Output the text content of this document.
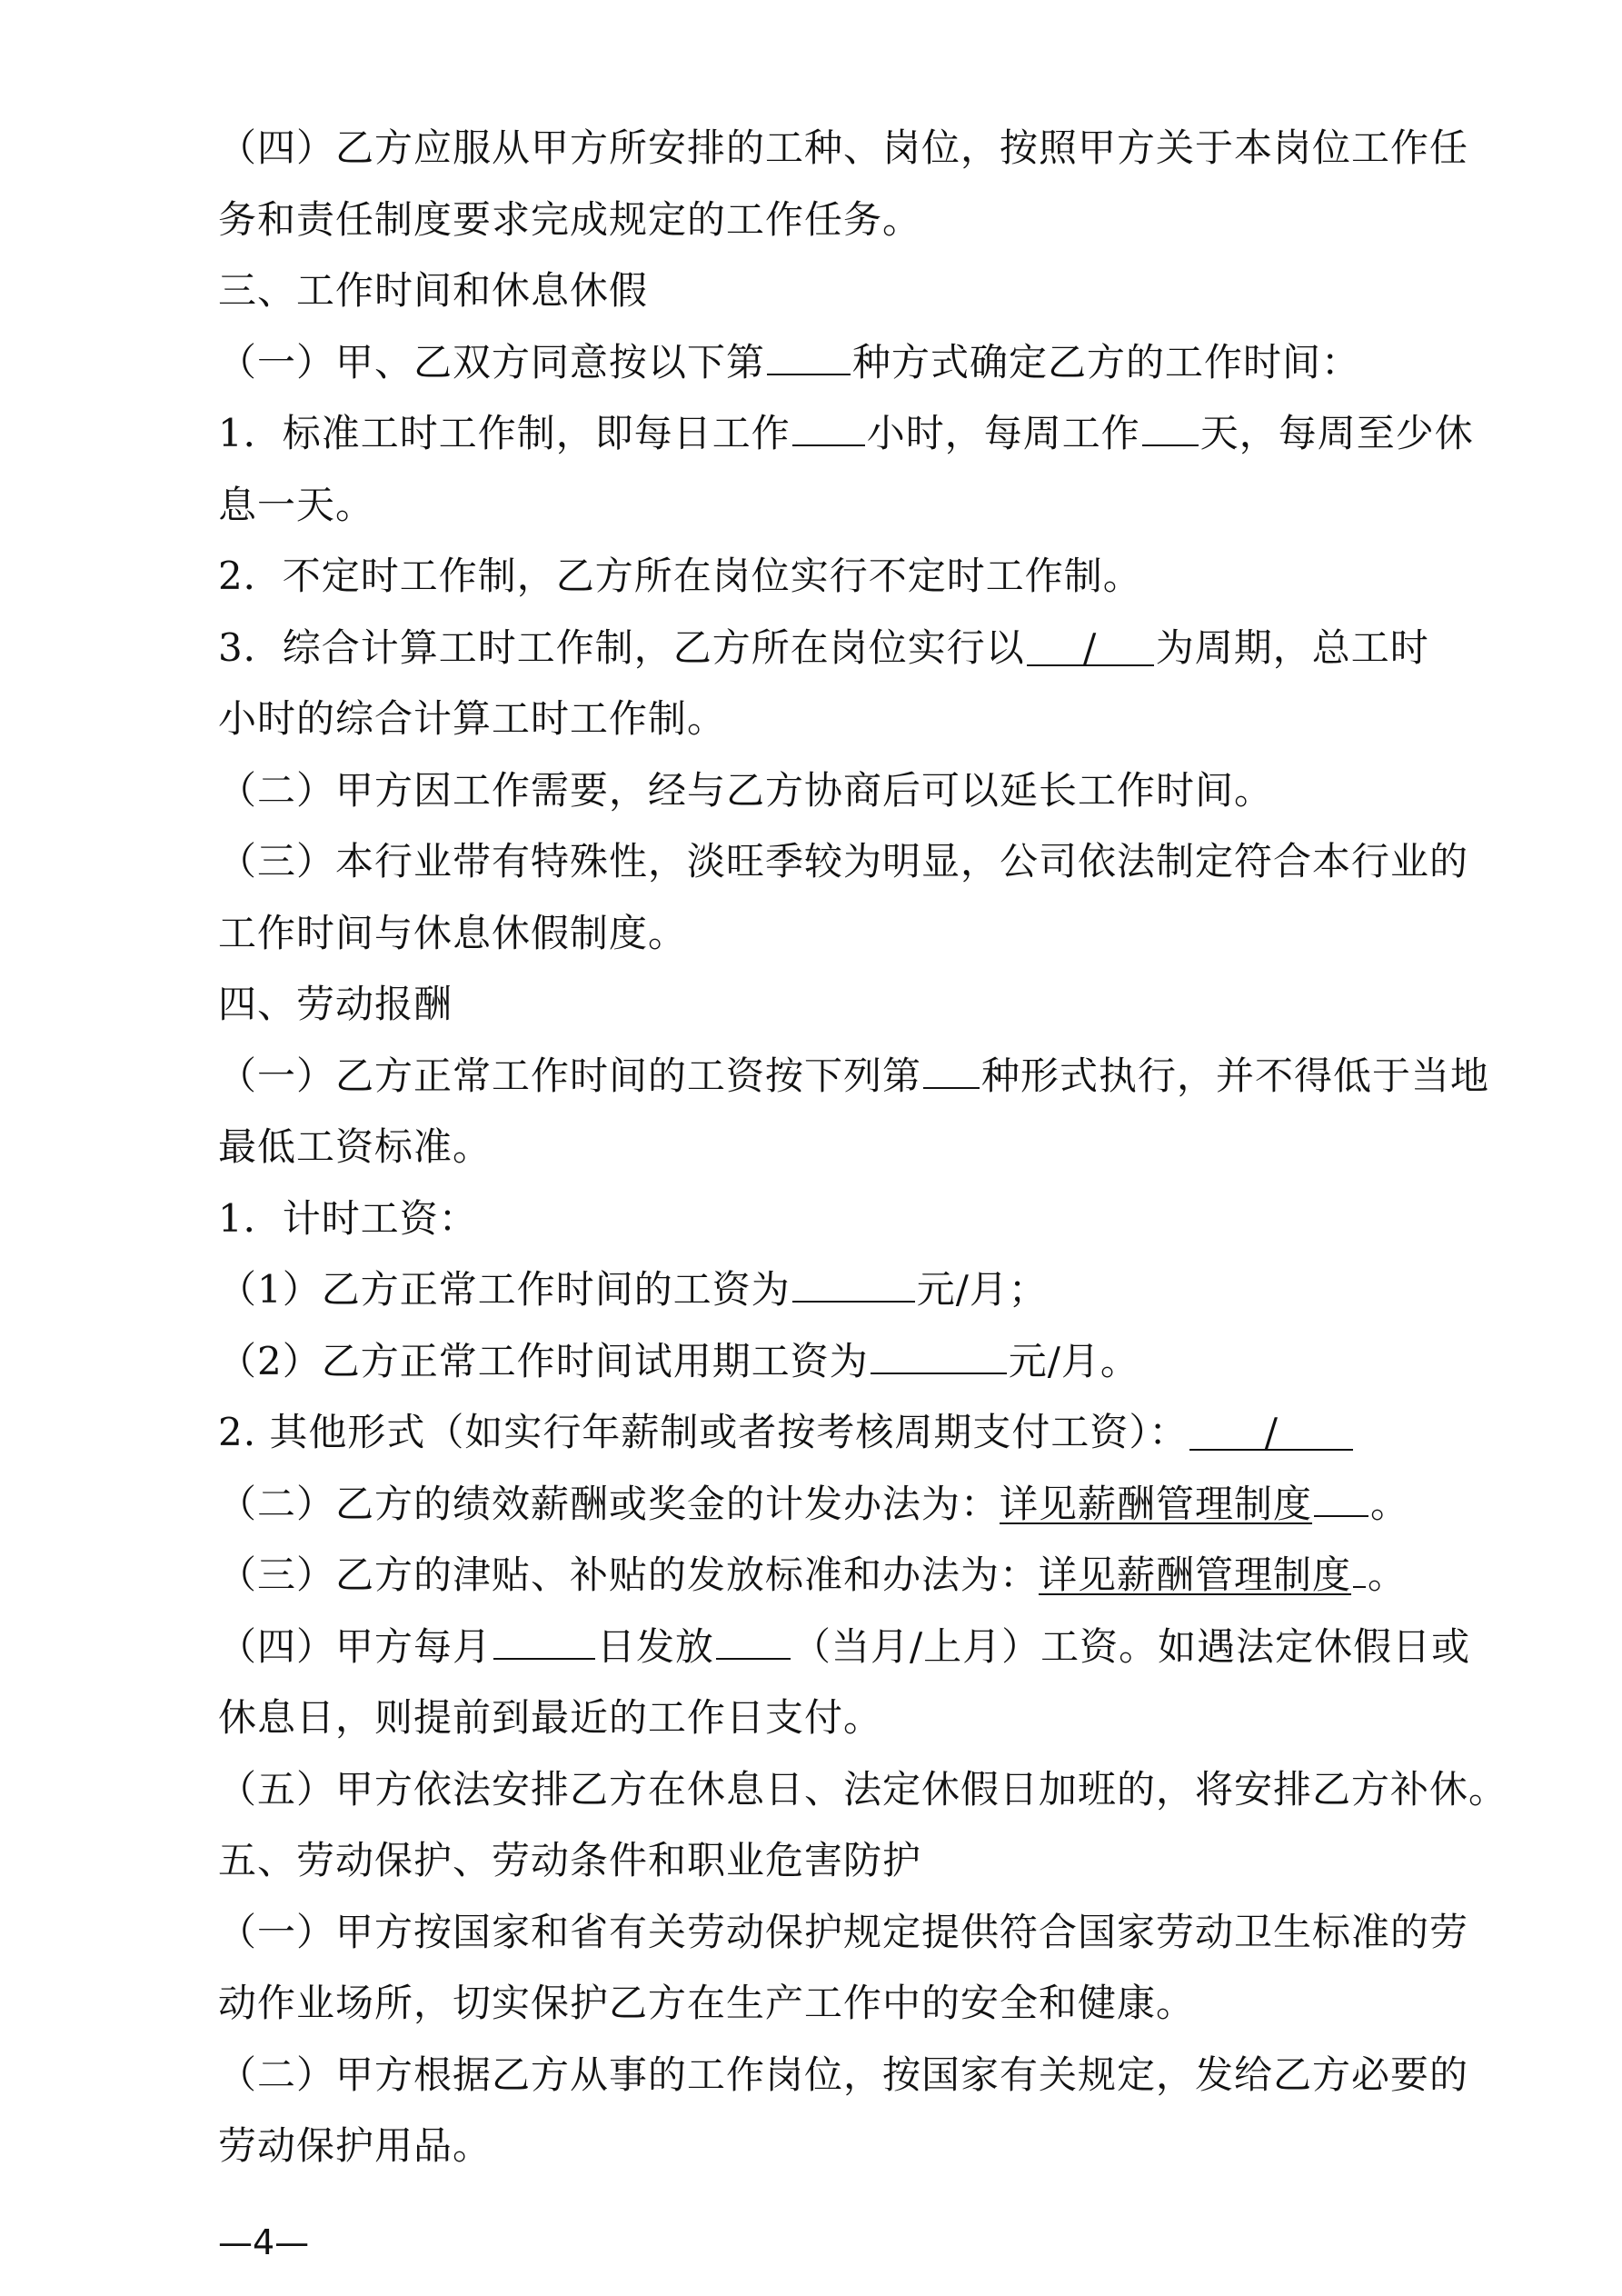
（四）乙方应服从甲方所安排的工种、岗位，按照甲方关于本岗位工作任
务和责任制度要求完成规定的工作任务。
三、工作时间和休息休假
（一）甲、乙双方同意按以下第 种方式确定乙方的工作时间：
1．标准工时工作制，即每日工作 小时，每周工作 天，每周至少休
息一天。
2．不定时工作制，乙方所在岗位实行不定时工作制。
3．综合计算工时工作制，乙方所在岗位实行以 / 为周期，总工时
小时的综合计算工时工作制。
（二）甲方因工作需要，经与乙方协商后可以延长工作时间。
（三）本行业带有特殊性，淡旺季较为明显，公司依法制定符合本行业的
工作时间与休息休假制度。
四、劳动报酬
（一）乙方正常工作时间的工资按下列第 种形式执行，并不得低于当地
最低工资标准。
1．计时工资：
（1）乙方正常工作时间的工资为	元/月；
（2）乙方正常工作时间试用期工资为	元/月。
2. 其他形式（如实行年薪制或者按考核周期支付工资）： /
（二）乙方的绩效薪酬或奖金的计发办法为：详见薪酬管理制度 。
（三）乙方的津贴、补贴的发放标准和办法为：详见薪酬管理制度 。
（四）甲方每月	日发放 （当月/上月）工资。如遇法定休假日或
休息日，则提前到最近的工作日支付。
（五）甲方依法安排乙方在休息日、法定休假日加班的，将安排乙方补休。
五、劳动保护、劳动条件和职业危害防护
（一）甲方按国家和省有关劳动保护规定提供符合国家劳动卫生标准的劳
动作业场所，切实保护乙方在生产工作中的安全和健康。
（二）甲方根据乙方从事的工作岗位，按国家有关规定，发给乙方必要的
劳动保护用品。
—4—
